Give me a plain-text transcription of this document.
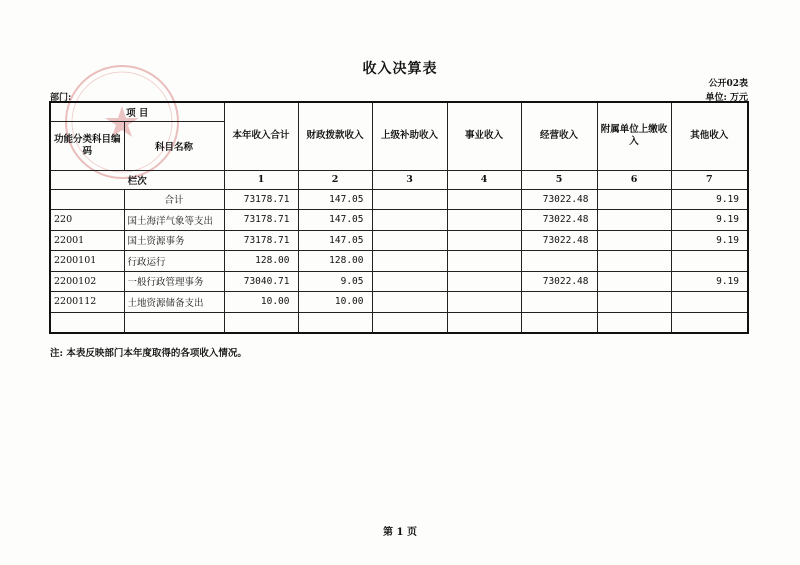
收入决算表
公开02表
部门:	单位: 万元
项 目		本年收入合计	财政拨款收入	上级补助收入	事业收入	经营收入	附属单位上缴收入	其他收入
功能分类科目编码	科目名称							

栏次		1	2	3	4	5	6	7
	合计	73178.71	147.05			73022.48		9.19
220	国土海洋气象等支出	73178.71	147.05			73022.48		9.19
22001	国土资源事务	73178.71	147.05			73022.48		9.19
2200101	行政运行	128.00	128.00					
2200102	一般行政管理事务	73040.71	9.05			73022.48		9.19
2200112	土地资源储备支出	10.00	10.00					

注: 本表反映部门本年度取得的各项收入情况。
第 1 页
